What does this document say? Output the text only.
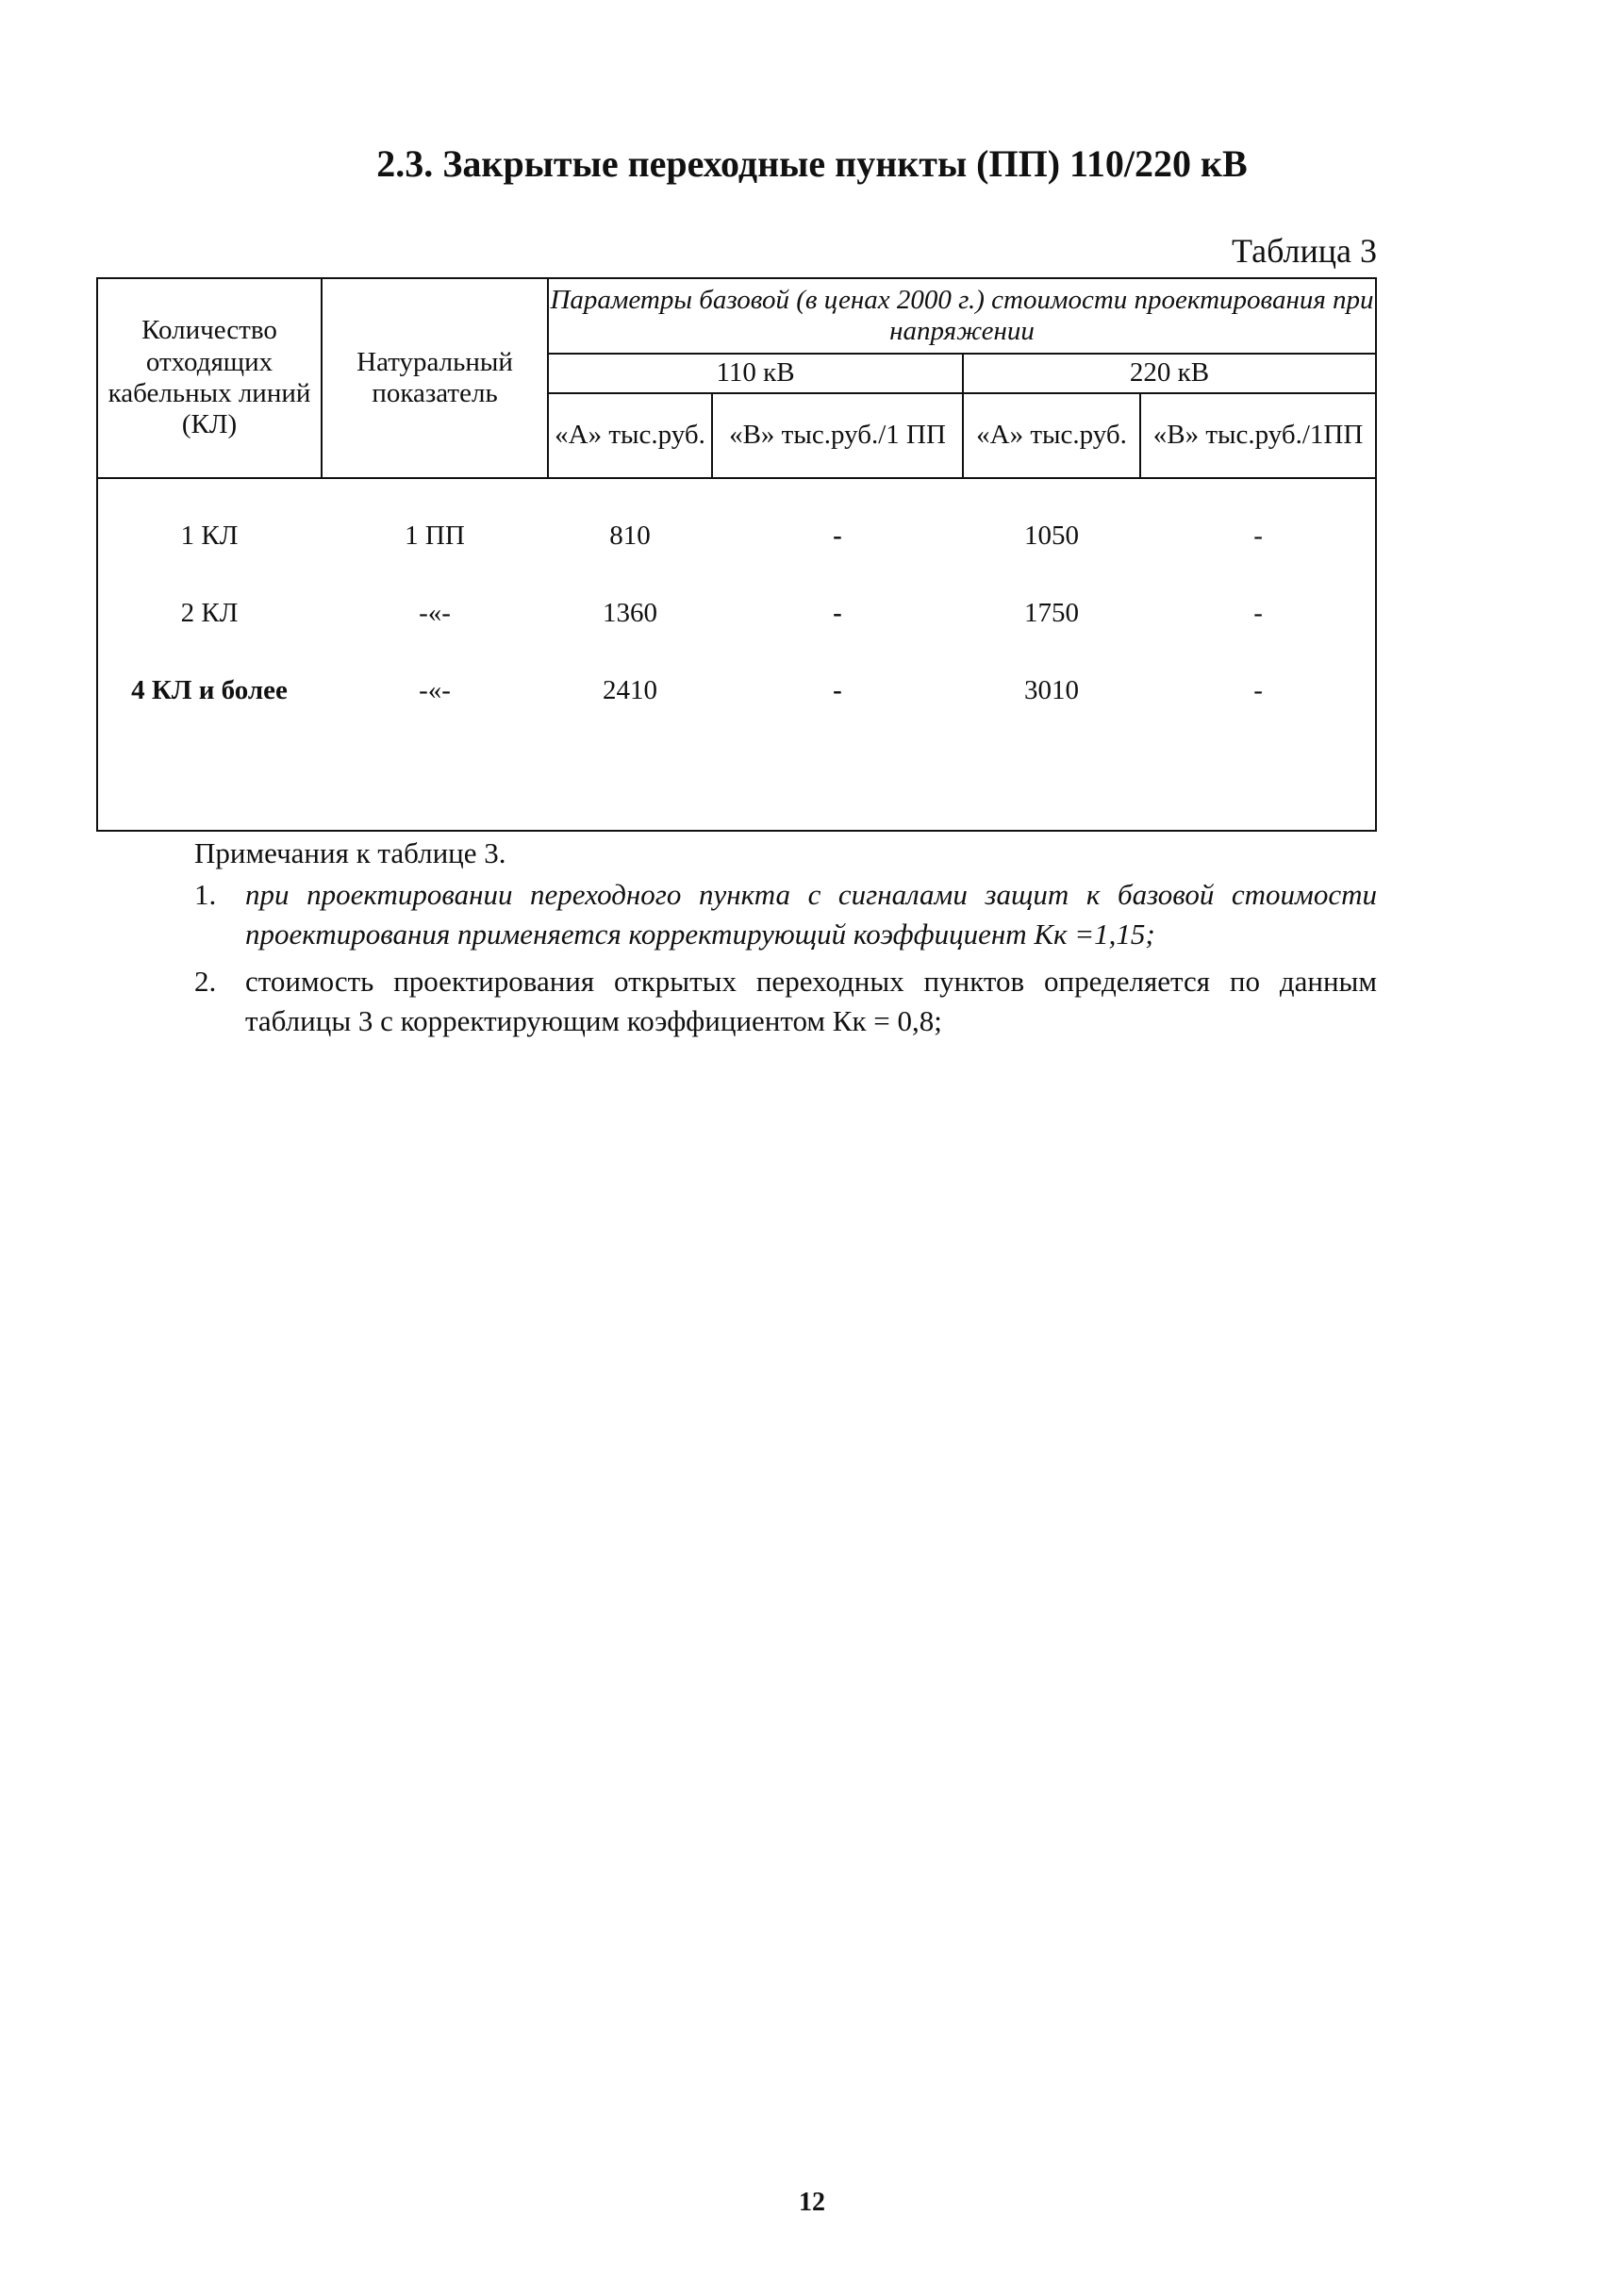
2.3. Закрытые переходные пункты (ПП) 110/220 кВ
Таблица 3
Количество отходящих кабельных линий (КЛ)	Натуральный показатель	Параметры базовой (в ценах 2000 г.) стоимости проектирования при напряжении			
		110 кВ		220 кВ	
		«А» тыс.руб.	«В» тыс.руб./1 ПП	«А» тыс.руб.	«В» тыс.руб./1ПП
1 КЛ	1 ПП	810	-	1050	-
2 КЛ	-«-	1360	-	1750	-
4 КЛ и более	-«-	2410	-	3010	-

Примечания к таблице 3.
1. при проектировании переходного пункта с сигналами защит к базовой стоимости проектирования применяется корректирующий коэффициент Кк =1,15;
2. стоимость проектирования открытых переходных пунктов определяется по данным таблицы 3 с корректирующим коэффициентом Кк = 0,8;
12
